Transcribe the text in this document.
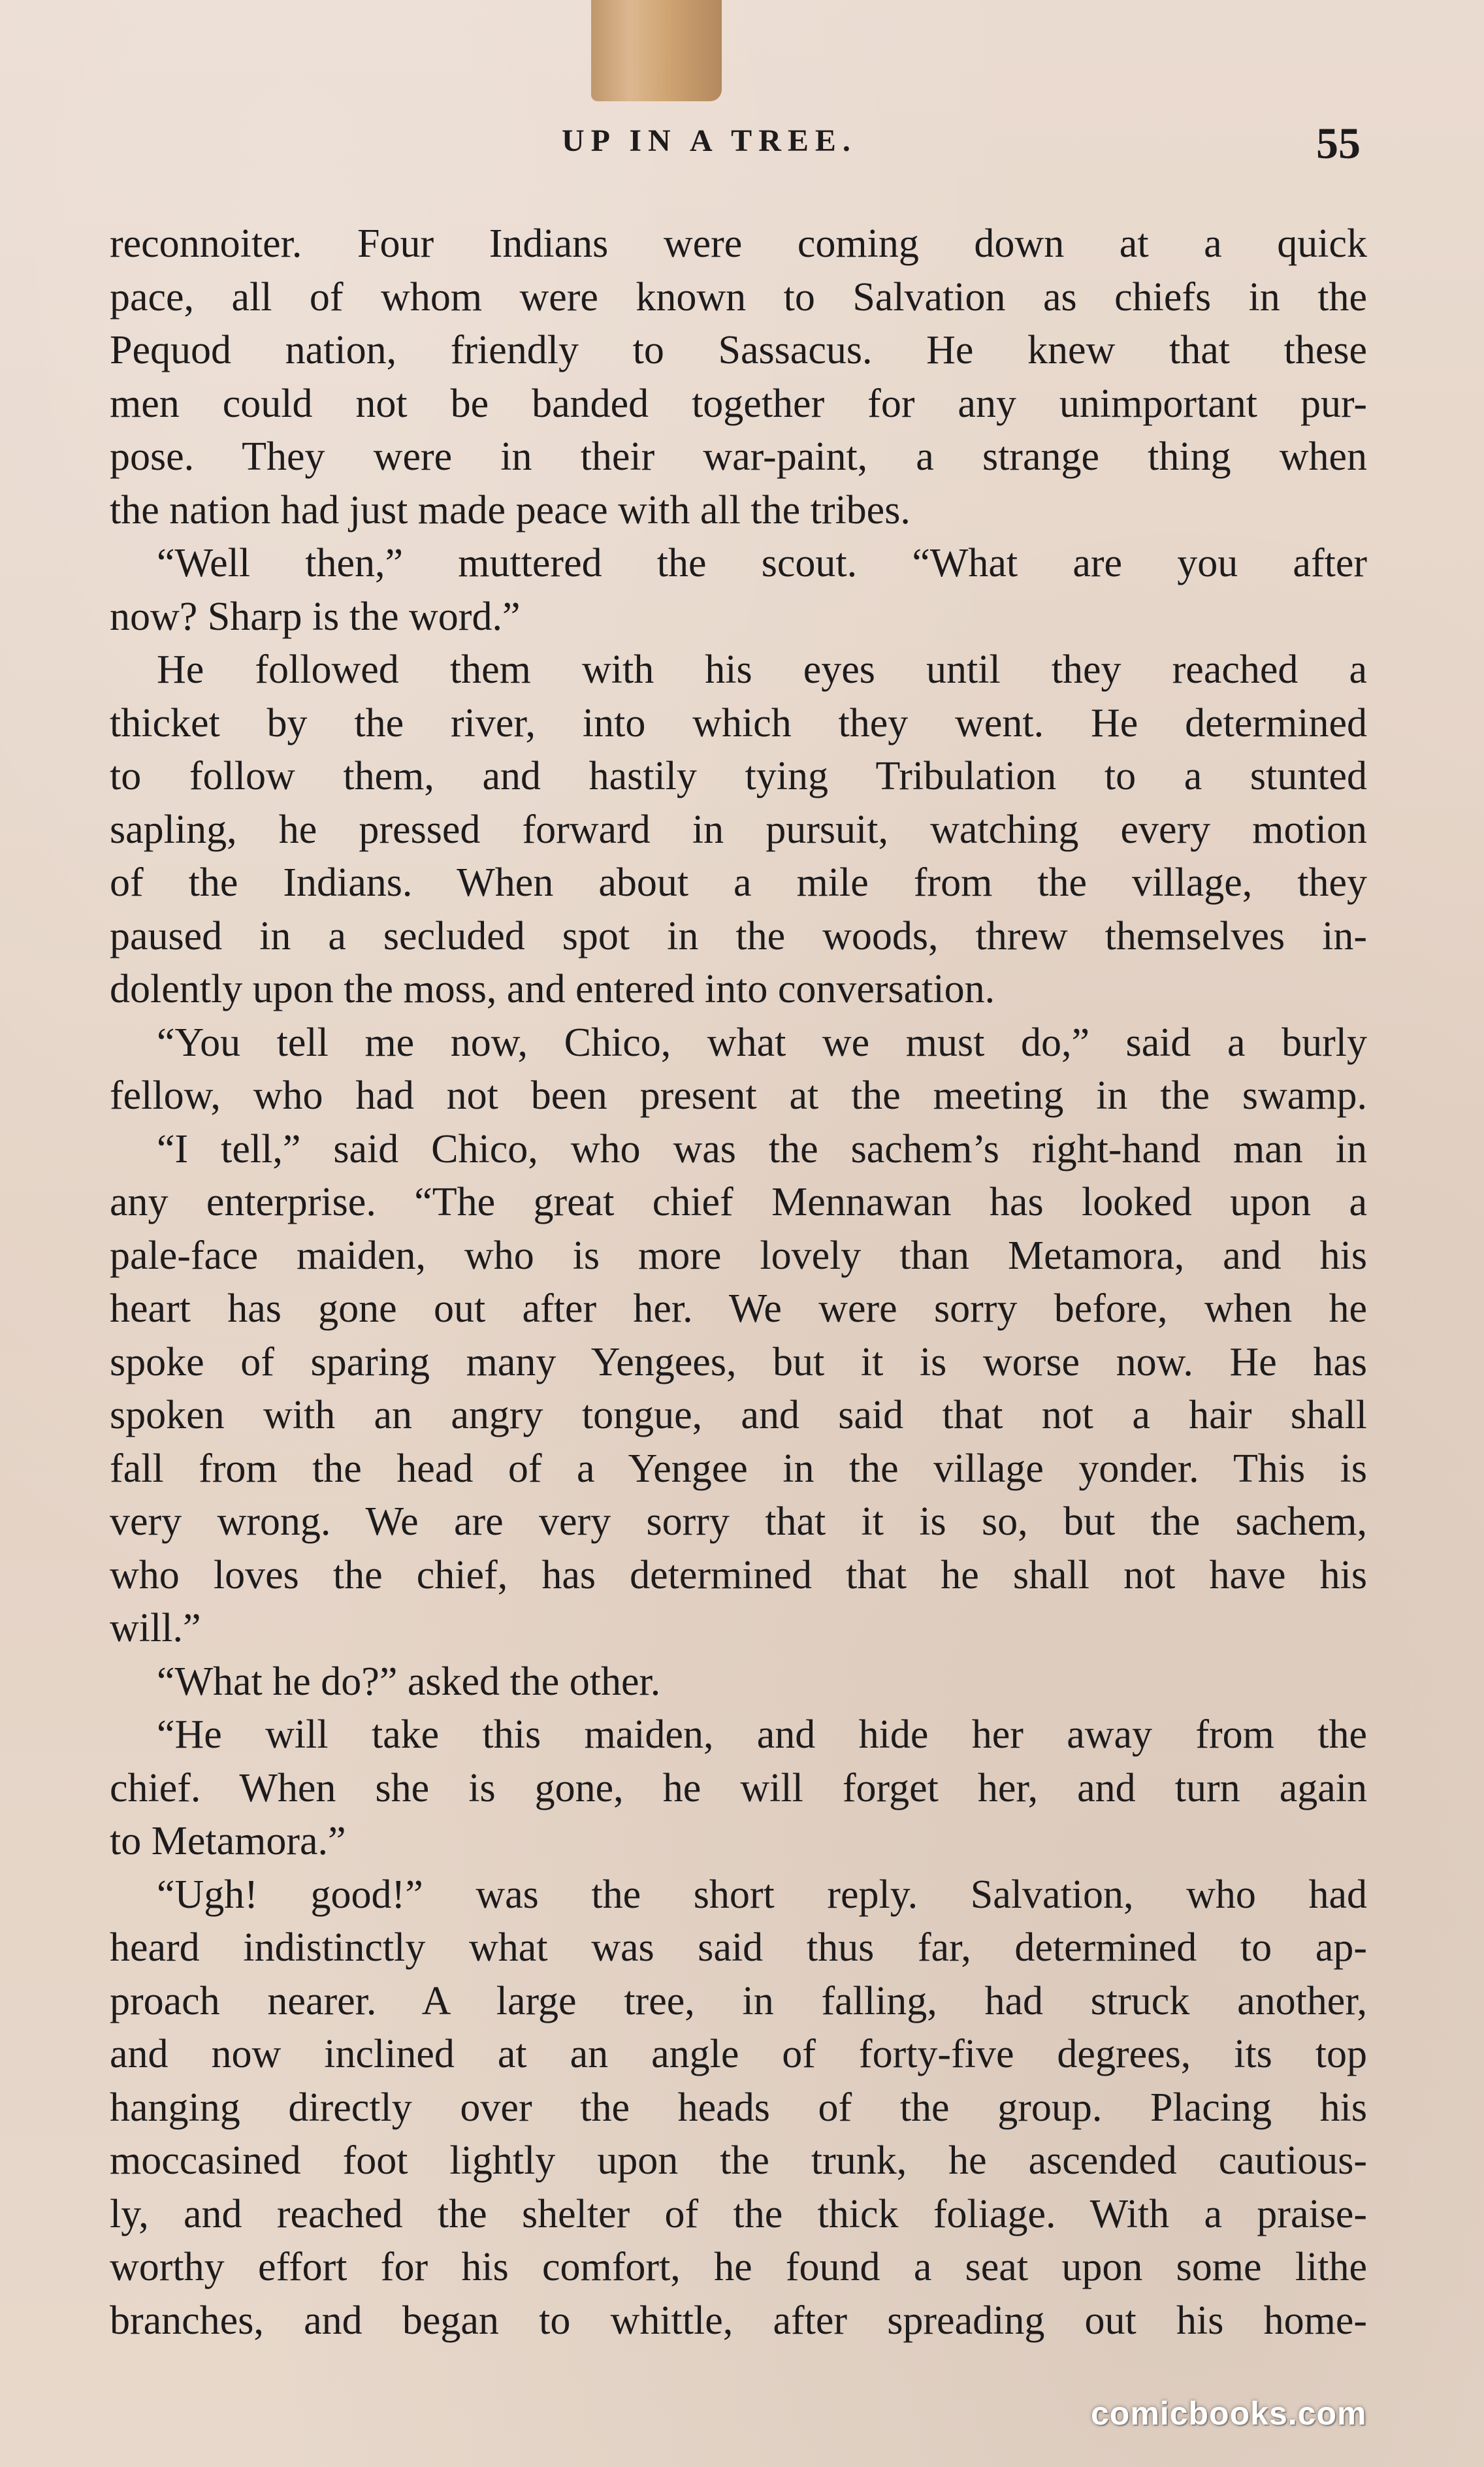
UP IN A TREE.	55
reconnoiter. Four Indians were coming down at a quick
pace, all of whom were known to Salvation as chiefs in the
Pequod nation, friendly to Sassacus. He knew that these
men could not be banded together for any unimportant pur-
pose. They were in their war-paint, a strange thing when
the nation had just made peace with all the tribes.
“Well then,” muttered the scout. “What are you after
now? Sharp is the word.”
He followed them with his eyes until they reached a
thicket by the river, into which they went. He determined
to follow them, and hastily tying Tribulation to a stunted
sapling, he pressed forward in pursuit, watching every motion
of the Indians. When about a mile from the village, they
paused in a secluded spot in the woods, threw themselves in-
dolently upon the moss, and entered into conversation.
“You tell me now, Chico, what we must do,” said a burly
fellow, who had not been present at the meeting in the swamp.
“I tell,” said Chico, who was the sachem’s right-hand man in
any enterprise. “The great chief Mennawan has looked upon a
pale-face maiden, who is more lovely than Metamora, and his
heart has gone out after her. We were sorry before, when he
spoke of sparing many Yengees, but it is worse now. He has
spoken with an angry tongue, and said that not a hair shall
fall from the head of a Yengee in the village yonder. This is
very wrong. We are very sorry that it is so, but the sachem,
who loves the chief, has determined that he shall not have his
will.”
“What he do?” asked the other.
“He will take this maiden, and hide her away from the
chief. When she is gone, he will forget her, and turn again
to Metamora.”
“Ugh! good!” was the short reply. Salvation, who had
heard indistinctly what was said thus far, determined to ap-
proach nearer. A large tree, in falling, had struck another,
and now inclined at an angle of forty-five degrees, its top
hanging directly over the heads of the group. Placing his
moccasined foot lightly upon the trunk, he ascended cautious-
ly, and reached the shelter of the thick foliage. With a praise-
worthy effort for his comfort, he found a seat upon some lithe
branches, and began to whittle, after spreading out his home-
comicbooks.com
